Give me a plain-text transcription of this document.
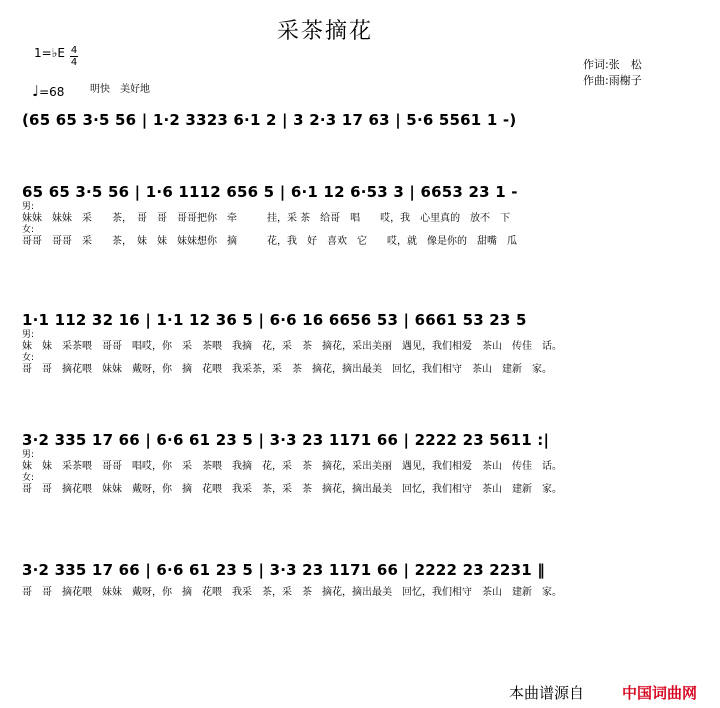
采茶摘花
作词:张　松
作曲:雨榭子
1=♭E 4
4
♩=68	明快　美好地
(65 65 3·5 56 | 1·2 3323 6·1 2 | 3 2·3 17 63 | 5·6 5561 1 -)
65 65 3·5 56 | 1·6 1112 656 5 | 6·1 12 6·53 3 | 6653 23 1 -
男:
妹妹　妹妹　采　　茶，　哥　哥　哥哥把你　牵　　　挂，采 茶　给哥　唱　　哎，我　心里真的　放不　下
女:
哥哥　哥哥　采　　茶，　妹　妹　妹妹想你　摘　　　花，我　好　喜欢　它　　哎，就　像是你的　甜嘴　瓜
1·1 112 32 16 | 1·1 12 36 5 | 6·6 16 6656 53 | 6661 53 23 5
男:
妹　妹　采茶喂　哥哥　唱哎，你　采　茶喂　我摘　花，采　茶　摘花，采出美丽　遇见，我们相爱　茶山　传佳　话。
女:
哥　哥　摘花喂　妹妹　戴呀，你　摘　花喂　我采茶，采　茶　摘花，摘出最美　回忆，我们相守　茶山　建新　家。
3·2 335 17 66 | 6·6 61 23 5 | 3·3 23 1171 66 | 2222 23 5611 :|
男:
妹　妹　采茶喂　哥哥　唱哎，你　采　茶喂　我摘　花，采　茶　摘花，采出美丽　遇见，我们相爱　茶山　传佳　话。
女:
哥　哥　摘花喂　妹妹　戴呀，你　摘　花喂　我采　茶，采　茶　摘花，摘出最美　回忆，我们相守　茶山　建新　家。
3·2 335 17 66 | 6·6 61 23 5 | 3·3 23 1171 66 | 2222 23 2231 ‖
哥　哥　摘花喂　妹妹　戴呀，你　摘　花喂　我采　茶，采　茶　摘花，摘出最美　回忆，我们相守　茶山　建新　家。
本曲谱源自	中国词曲网
